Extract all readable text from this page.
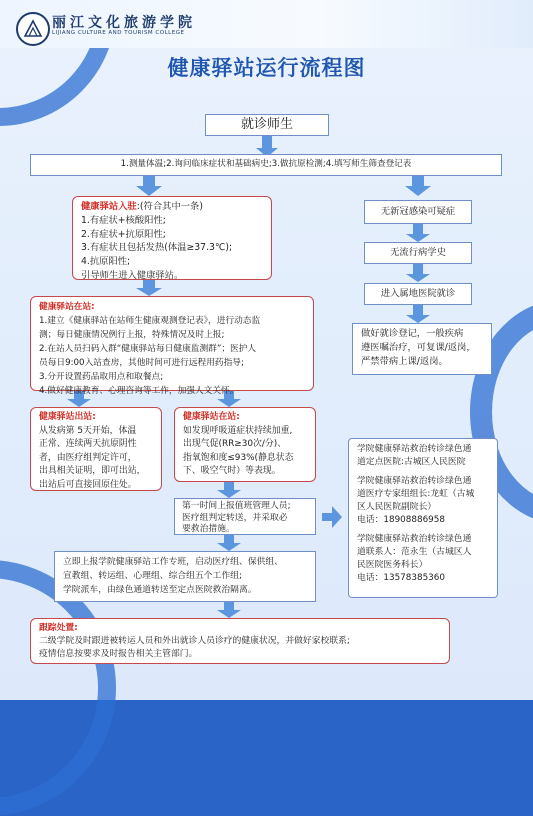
丽江文化旅游学院
LIJIANG CULTURE AND TOURISM COLLEGE
健康驿站运行流程图
就诊师生
1.测量体温;2.询问临床症状和基础病史;3.做抗原检测;4.填写师生筛查登记表
健康驿站入驻:(符合其中一条)
1.有症状+核酸阳性;
2.有症状+抗原阳性;
3.有症状且包括发热(体温≥37.3℃);
4.抗原阳性;
引导师生进入健康驿站。
无新冠感染可疑症
无流行病学史
进入属地医院就诊
做好就诊登记，一般疾病
遵医嘱治疗，可复课/返岗，
严禁带病上课/返岗。
健康驿站在站:
1.建立《健康驿站在站师生健康观测登记表》，进行动态监
测；每日健康情况例行上报，特殊情况及时上报;
2.在站人员扫码入群“健康驿站每日健康监测群”；医护人
员每日9:00入站查房，其他时间可进行远程用药指导;
3.分开设置药品取用点和取餐点;
4.做好健康教育、心理咨询等工作，加强人文关怀。
健康驿站出站:
从发病第 5天开始，体温
正常、连续两天抗原阴性
者，由医疗组判定许可，
出具相关证明，即可出站，
出站后可直接回原住处。
健康驿站在站:
如发现呼吸道症状持续加重,
出现气促(RR≥30次/分)、
指氧饱和度≤93%(静息状态
下、吸空气时）等表现。
第一时间上报值班管理人员;
医疗组判定转送，并采取必
要救治措施。
学院健康驿站救治转诊绿色通
道定点医院:古城区人民医院
学院健康驿站救治转诊绿色通
道医疗专家组组长:龙虹（古城
区人民医院副院长）
电话：18908886958
学院健康驿站救治转诊绿色通
道联系人：范永生（古城区人
民医院医务科长）
电话：13578385360
立即上报学院健康驿站工作专班，启动医疗组、保供组、
宣教组、转运组、心理组、综合组五个工作组;
学院派车，由绿色通道转送至定点医院救治隔离。
跟踪处置:
二级学院及时跟进被转运人员和外出就诊人员诊疗的健康状况，并做好家校联系;
疫情信息按要求及时报告相关主管部门。
